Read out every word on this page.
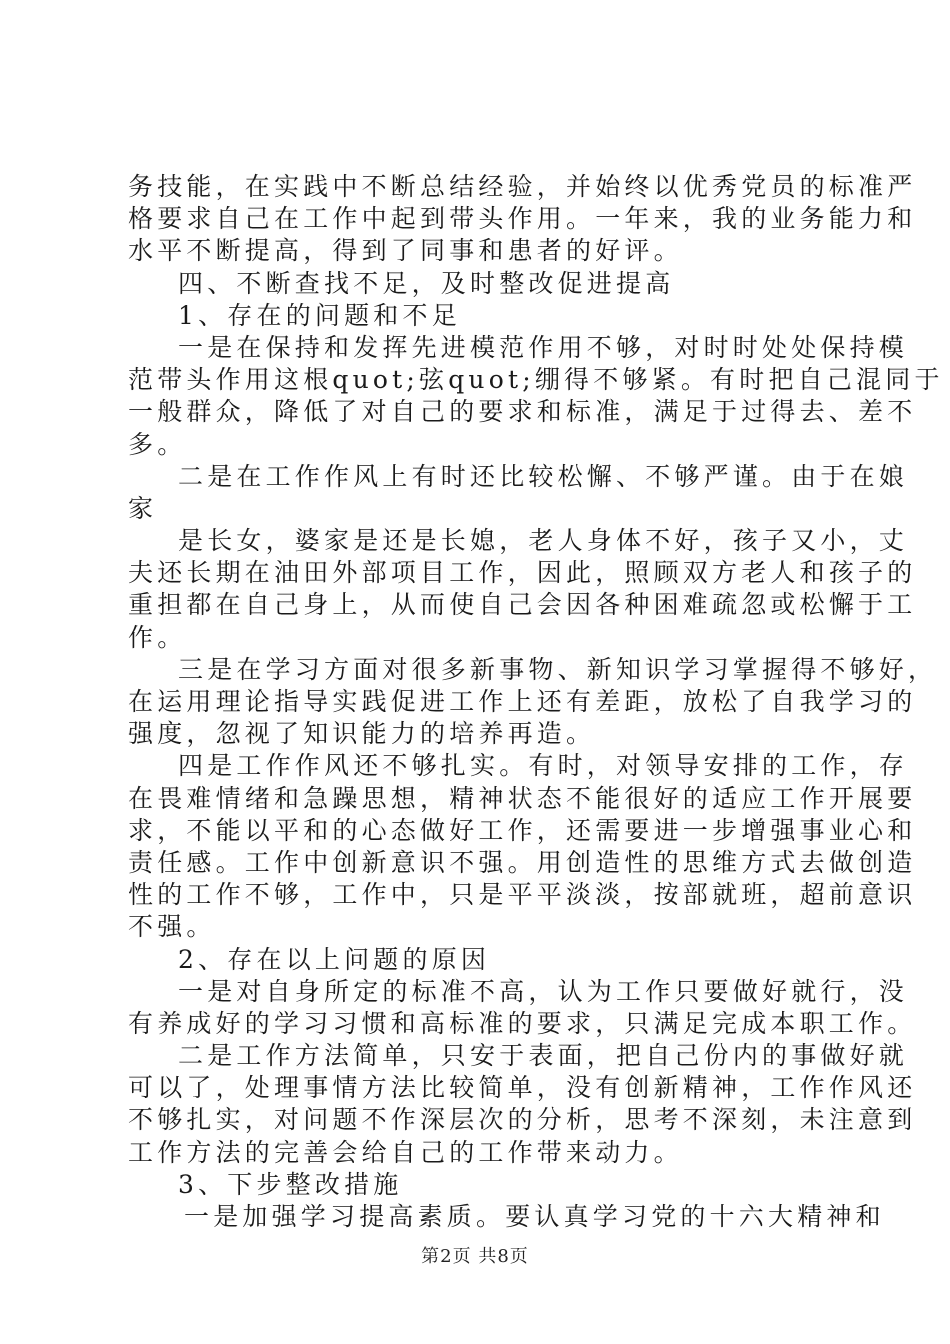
务技能，在实践中不断总结经验，并始终以优秀党员的标准严
格要求自己在工作中起到带头作用。一年来，我的业务能力和
水平不断提高，得到了同事和患者的好评。
四、不断查找不足，及时整改促进提高
1、存在的问题和不足
一是在保持和发挥先进模范作用不够，对时时处处保持模
范带头作用这根quot;弦quot;绷得不够紧。有时把自己混同于
一般群众，降低了对自己的要求和标准，满足于过得去、差不
多。
二是在工作作风上有时还比较松懈、不够严谨。由于在娘
家
是长女，婆家是还是长媳，老人身体不好，孩子又小，丈
夫还长期在油田外部项目工作，因此，照顾双方老人和孩子的
重担都在自己身上，从而使自己会因各种困难疏忽或松懈于工
作。
三是在学习方面对很多新事物、新知识学习掌握得不够好，
在运用理论指导实践促进工作上还有差距，放松了自我学习的
强度，忽视了知识能力的培养再造。
四是工作作风还不够扎实。有时，对领导安排的工作，存
在畏难情绪和急躁思想，精神状态不能很好的适应工作开展要
求，不能以平和的心态做好工作，还需要进一步增强事业心和
责任感。工作中创新意识不强。用创造性的思维方式去做创造
性的工作不够，工作中，只是平平淡淡，按部就班，超前意识
不强。
2、存在以上问题的原因
一是对自身所定的标准不高，认为工作只要做好就行，没
有养成好的学习习惯和高标准的要求，只满足完成本职工作。
二是工作方法简单，只安于表面，把自己份内的事做好就
可以了，处理事情方法比较简单，没有创新精神，工作作风还
不够扎实，对问题不作深层次的分析，思考不深刻，未注意到
工作方法的完善会给自己的工作带来动力。
3、下步整改措施
一是加强学习提高素质。要认真学习党的十六大精神和
第2页 共8页
